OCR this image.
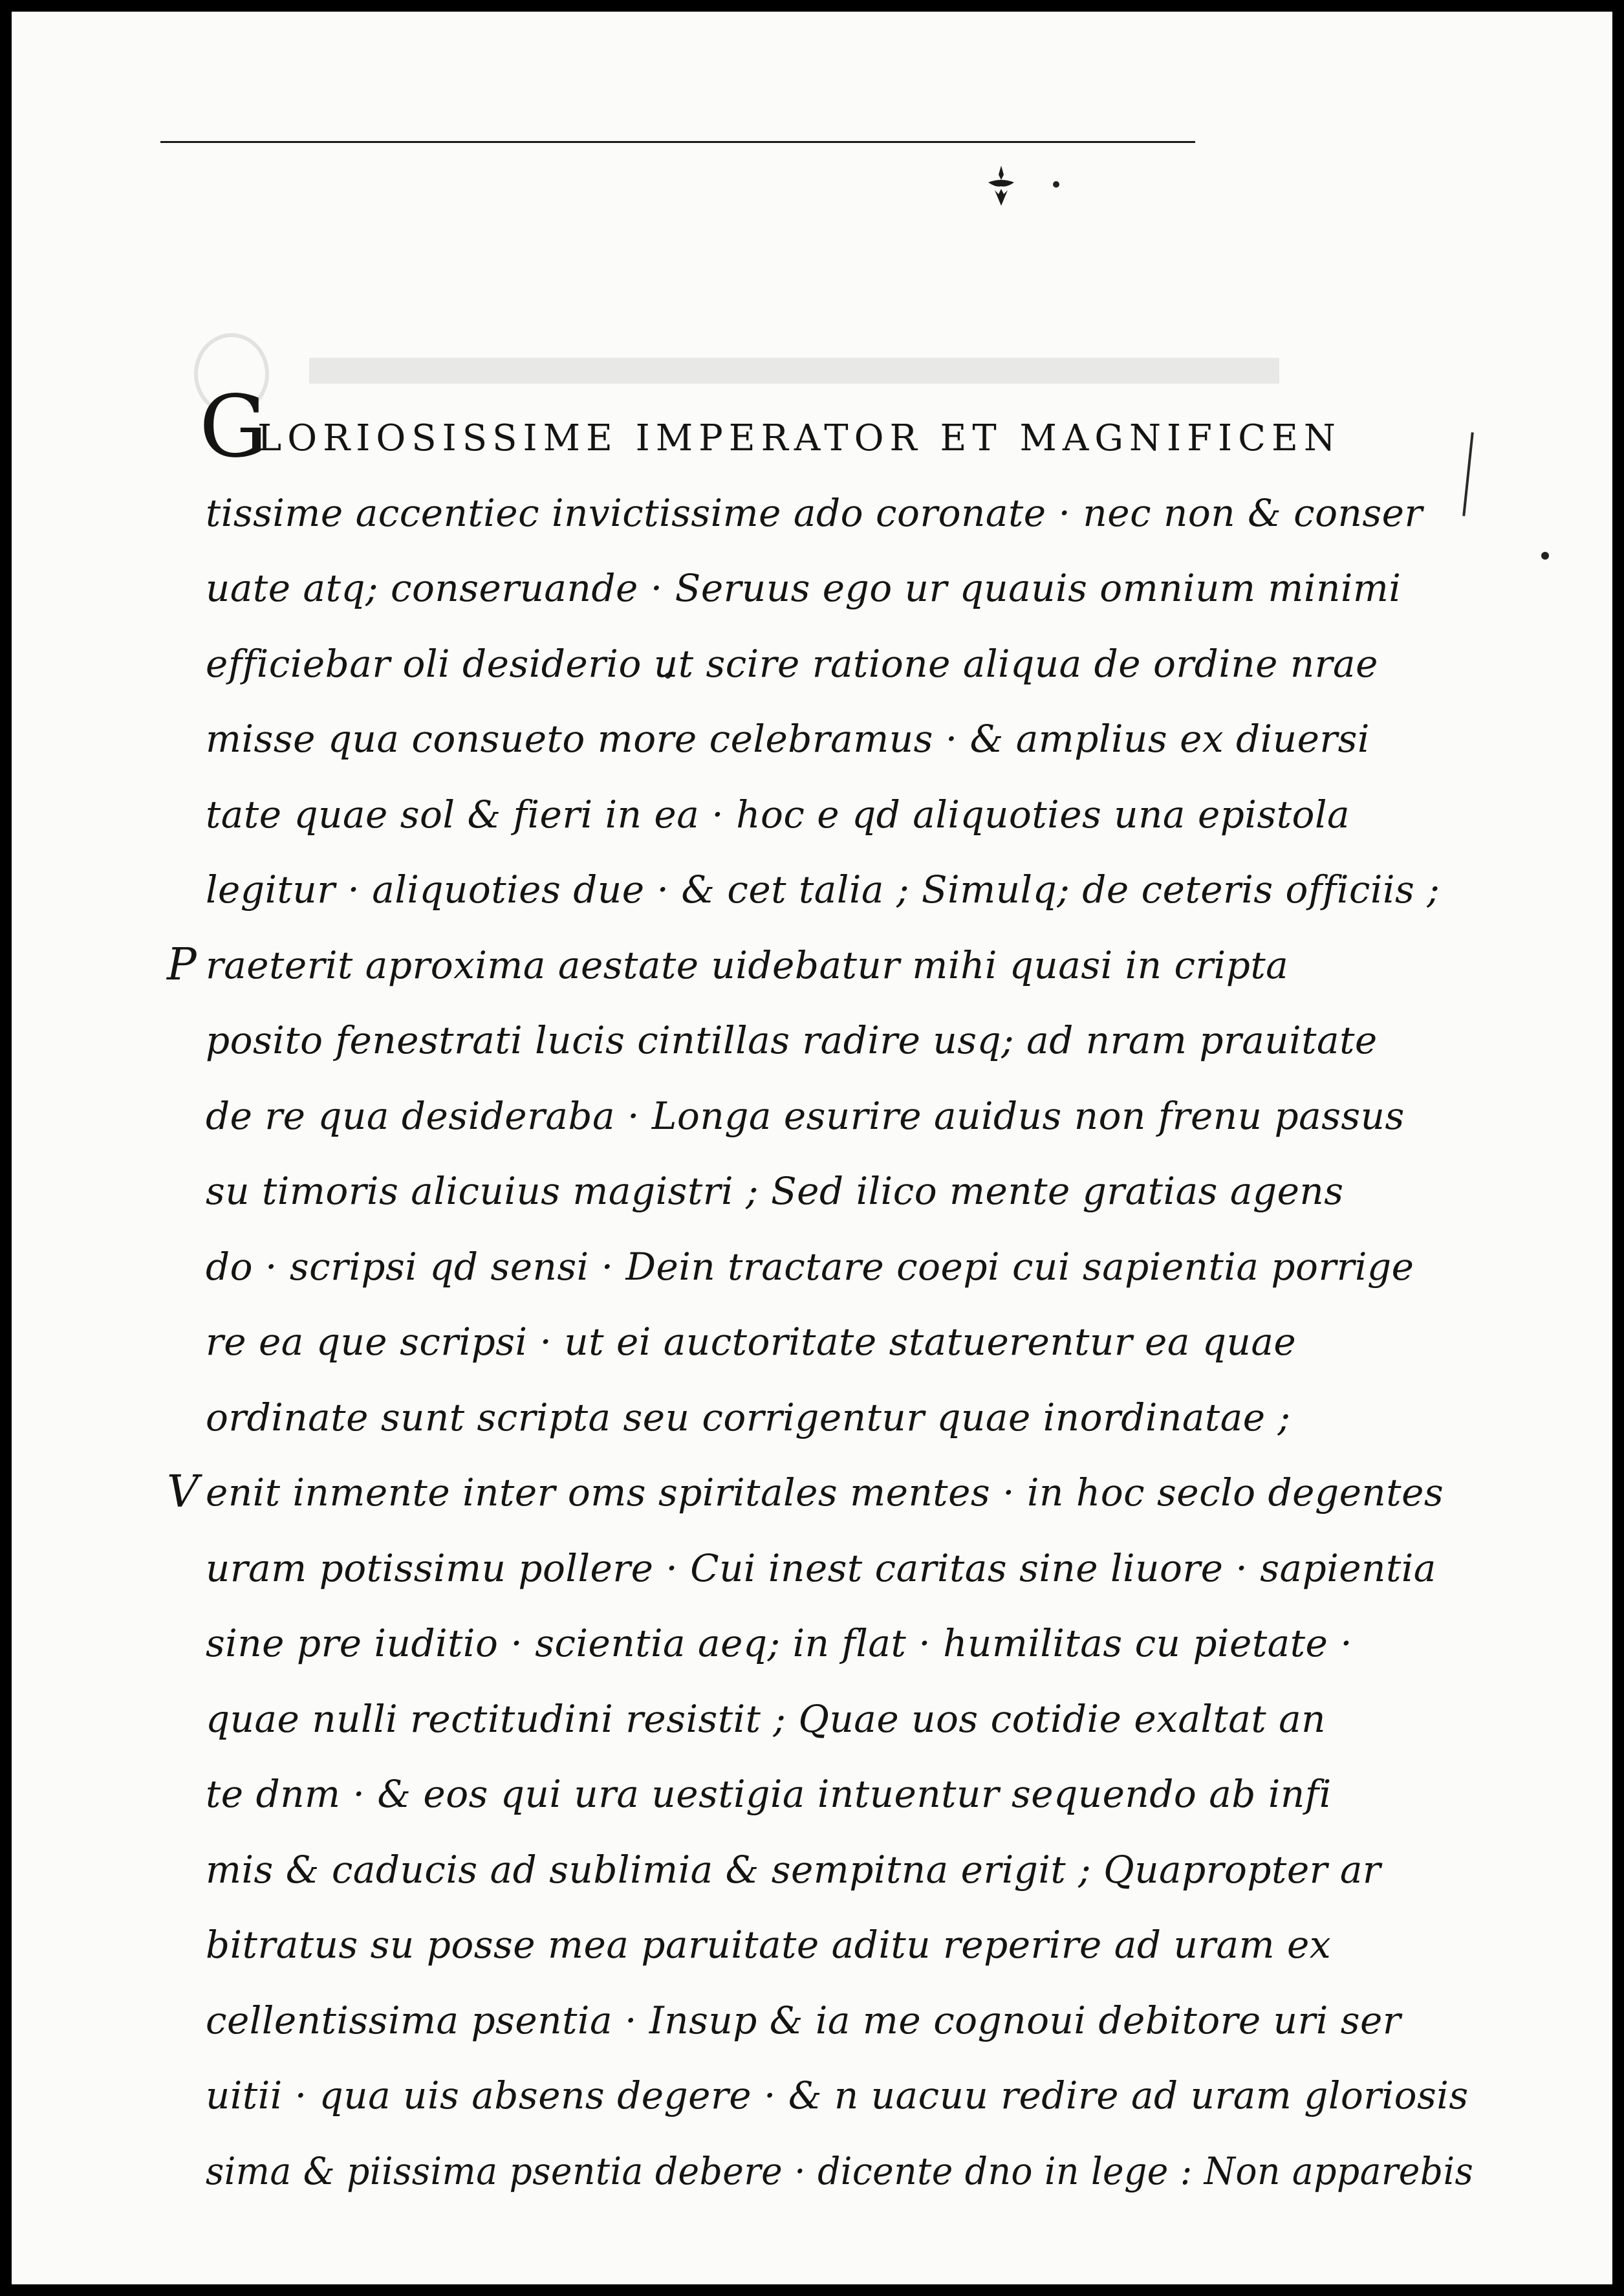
G
LORIOSISSIME IMPERATOR ET MAGNIFICEN
tissime accentiec invictissime ado coronate · nec non & conser
uate atq; conseruande · Seruus ego ur quauis omnium minimi
efficiebar oli desiderio ut scire ratione aliqua de ordine nrae
misse qua consueto more celebramus · & amplius ex diuersi
tate quae sol & fieri in ea · hoc e qd aliquoties una epistola
legitur · aliquoties due · & cet talia ; Simulq; de ceteris officiis ;
P raeterit aproxima aestate uidebatur mihi quasi in cripta
posito fenestrati lucis cintillas radire usq; ad nram prauitate
de re qua desideraba · Longa esurire auidus non frenu passus
su timoris alicuius magistri ; Sed ilico mente gratias agens
do · scripsi qd sensi · Dein tractare coepi cui sapientia porrige
re ea que scripsi · ut ei auctoritate statuerentur ea quae
ordinate sunt scripta seu corrigentur quae inordinatae ;
V enit inmente inter oms spiritales mentes · in hoc seclo degentes
uram potissimu pollere · Cui inest caritas sine liuore · sapientia
sine pre iuditio · scientia aeq; in flat · humilitas cu pietate ·
quae nulli rectitudini resistit ; Quae uos cotidie exaltat an
te dnm · & eos qui ura uestigia intuentur sequendo ab infi
mis & caducis ad sublimia & sempitna erigit ; Quapropter ar
bitratus su posse mea paruitate aditu reperire ad uram ex
cellentissima psentia · Insup & ia me cognoui debitore uri ser
uitii · qua uis absens degere · & n uacuu redire ad uram gloriosis
sima & piissima psentia debere · dicente dno in lege : Non apparebis
